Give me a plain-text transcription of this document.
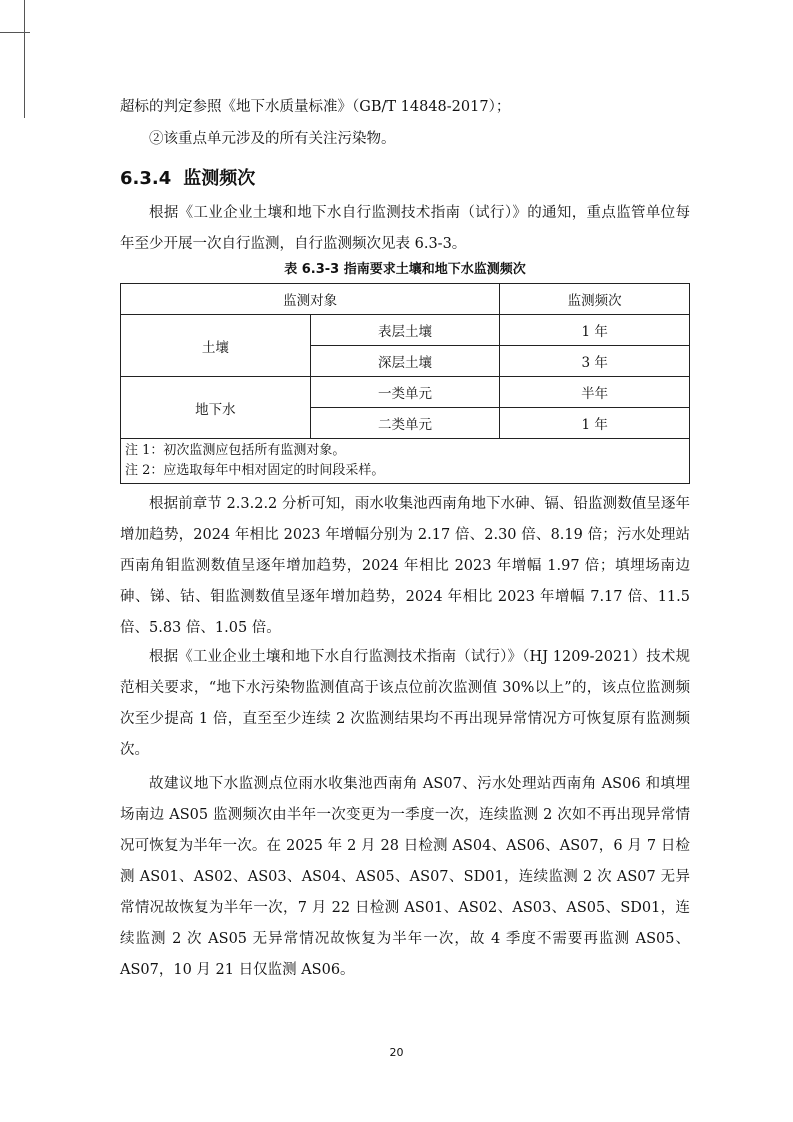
超标的判定参照《地下水质量标准》（GB/T 14848-2017）；

②该重点单元涉及的所有关注污染物。

6.3.4 监测频次

根据《工业企业土壤和地下水自行监测技术指南（试行）》的通知，重点监管单位每年至少开展一次自行监测，自行监测频次见表 6.3-3。

表 6.3-3 指南要求土壤和地下水监测频次
监测对象		监测频次
土壤	表层土壤	1 年
	深层土壤	3 年
地下水	一类单元	半年
	二类单元	1 年

注 1：初次监测应包括所有监测对象。
注 2：应选取每年中相对固定的时间段采样。		

根据前章节 2.3.2.2 分析可知，雨水收集池西南角地下水砷、镉、铅监测数值呈逐年增加趋势，2024 年相比 2023 年增幅分别为 2.17 倍、2.30 倍、8.19 倍；污水处理站西南角钼监测数值呈逐年增加趋势，2024 年相比 2023 年增幅 1.97 倍；填埋场南边砷、锑、钴、钼监测数值呈逐年增加趋势，2024 年相比 2023 年增幅 7.17 倍、11.5 倍、5.83 倍、1.05 倍。

根据《工业企业土壤和地下水自行监测技术指南（试行）》（HJ 1209-2021）技术规范相关要求，“地下水污染物监测值高于该点位前次监测值 30%以上”的，该点位监测频次至少提高 1 倍，直至至少连续 2 次监测结果均不再出现异常情况方可恢复原有监测频次。

故建议地下水监测点位雨水收集池西南角 AS07、污水处理站西南角 AS06 和填埋场南边 AS05 监测频次由半年一次变更为一季度一次，连续监测 2 次如不再出现异常情况可恢复为半年一次。在 2025 年 2 月 28 日检测 AS04、AS06、AS07，6 月 7 日检测 AS01、AS02、AS03、AS04、AS05、AS07、SD01，连续监测 2 次 AS07 无异常情况故恢复为半年一次，7 月 22 日检测 AS01、AS02、AS03、AS05、SD01，连续监测 2 次 AS05 无异常情况故恢复为半年一次，故 4 季度不需要再监测 AS05、AS07，10 月 21 日仅监测 AS06。

20
